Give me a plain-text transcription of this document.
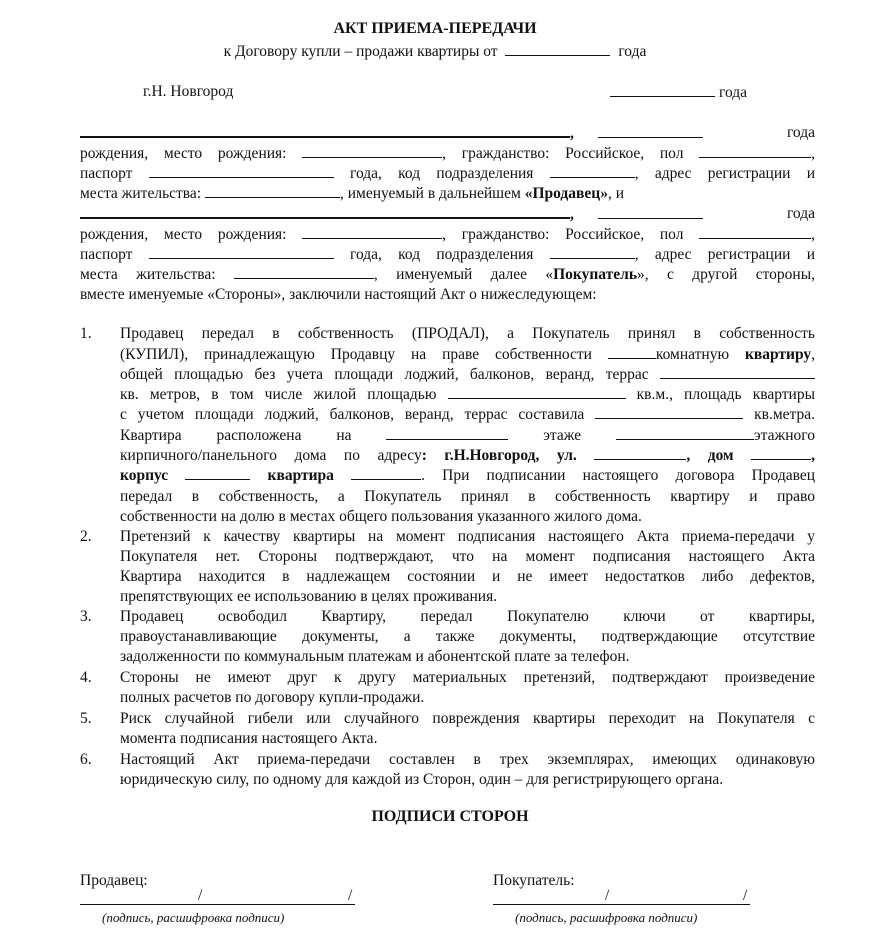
АКТ ПРИЕМА-ПЕРЕДАЧИ
к Договору купли – продажи квартиры от	года
г.Н. Новгород	года
,	года
рождения, место рождения:	, гражданство: Российское, пол	,
паспорт	года, код подразделения	, адрес регистрации и
места жительства:	, именуемый в дальнейшем «Продавец», и
,	года
рождения, место рождения:	, гражданство: Российское, пол	,
паспорт	года, код подразделения	, адрес регистрации и
места жительства:	, именуемый далее «Покупатель», с другой стороны,
вместе именуемые «Стороны», заключили настоящий Акт о нижеследующем:
1. Продавец передал в собственность (ПРОДАЛ), а Покупатель принял в собственность
(КУПИЛ), принадлежащую Продавцу на праве собственности	комнатную квартиру,
общей площадью без учета площади лоджий, балконов, веранд, террас
кв. метров, в том числе жилой площадью	кв.м., площадь квартиры
с учетом площади лоджий, балконов, веранд, террас составила	кв.метра.
Квартира расположена на	этаже	этажного
кирпичного/панельного дома по адресу: г.Н.Новгород, ул.	, дом	,
корпус	квартира	. При подписании настоящего договора Продавец
передал в собственность, а Покупатель принял в собственность квартиру и право
собственности на долю в местах общего пользования указанного жилого дома.
2. Претензий к качеству квартиры на момент подписания настоящего Акта приема-передачи у
Покупателя нет. Стороны подтверждают, что на момент подписания настоящего Акта
Квартира находится в надлежащем состоянии и не имеет недостатков либо дефектов,
препятствующих ее использованию в целях проживания.
3. Продавец освободил Квартиру, передал Покупателю ключи от квартиры,
правоустанавливающие документы, а также документы, подтверждающие отсутствие
задолженности по коммунальным платежам и абонентской плате за телефон.
4. Стороны не имеют друг к другу материальных претензий, подтверждают произведение
полных расчетов по договору купли-продажи.
5. Риск случайной гибели или случайного повреждения квартиры переходит на Покупателя с
момента подписания настоящего Акта.
6. Настоящий Акт приема-передачи составлен в трех экземплярах, имеющих одинаковую
юридическую силу, по одному для каждой из Сторон, один – для регистрирующего органа.
ПОДПИСИ СТОРОН
Продавец:
/	/
(подпись, расшифровка подписи)
Покупатель:
/	/
(подпись, расшифровка подписи)
